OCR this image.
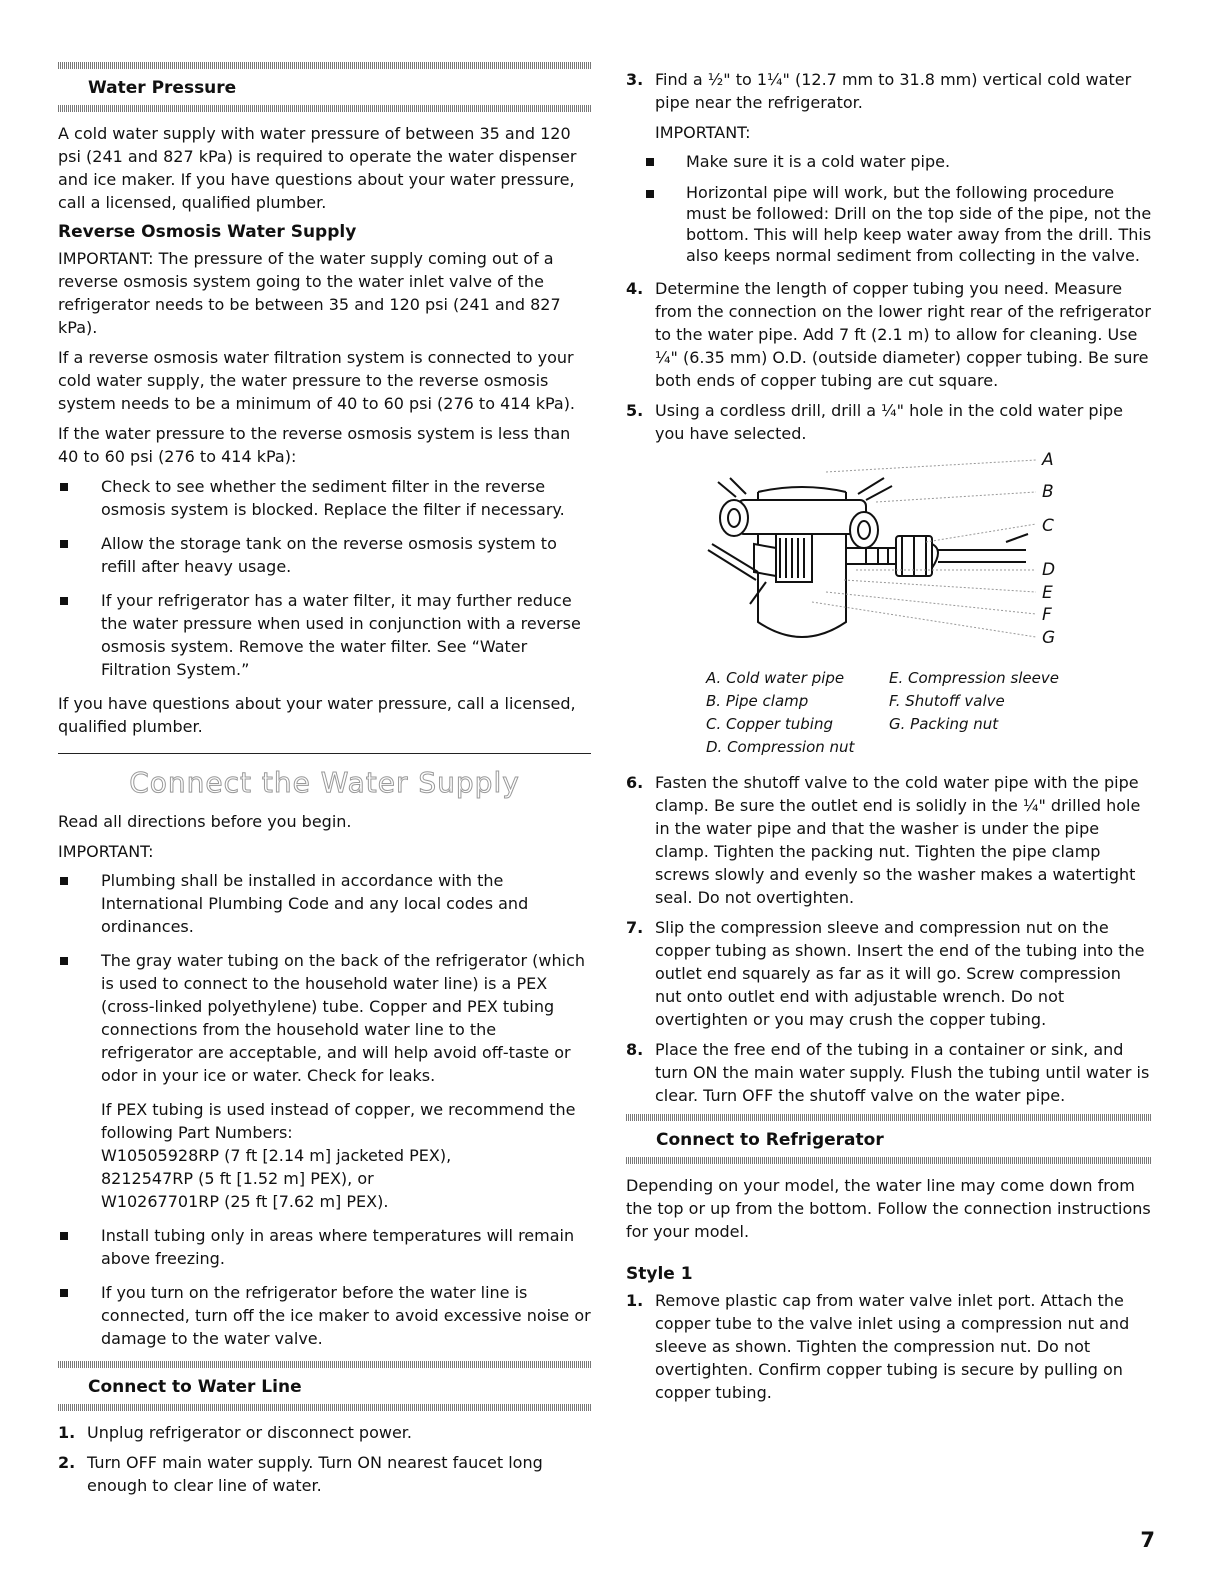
Water Pressure

A cold water supply with water pressure of between 35 and 120 psi (241 and 827 kPa) is required to operate the water dispenser and ice maker. If you have questions about your water pressure, call a licensed, qualified plumber.

Reverse Osmosis Water Supply

IMPORTANT: The pressure of the water supply coming out of a reverse osmosis system going to the water inlet valve of the refrigerator needs to be between 35 and 120 psi (241 and 827 kPa).

If a reverse osmosis water filtration system is connected to your cold water supply, the water pressure to the reverse osmosis system needs to be a minimum of 40 to 60 psi (276 to 414 kPa).

If the water pressure to the reverse osmosis system is less than 40 to 60 psi (276 to 414 kPa):

Check to see whether the sediment filter in the reverse osmosis system is blocked. Replace the filter if necessary.
Allow the storage tank on the reverse osmosis system to refill after heavy usage.
If your refrigerator has a water filter, it may further reduce the water pressure when used in conjunction with a reverse osmosis system. Remove the water filter. See “Water Filtration System.”

If you have questions about your water pressure, call a licensed, qualified plumber.

Connect the Water Supply

Read all directions before you begin.

IMPORTANT:
Plumbing shall be installed in accordance with the International Plumbing Code and any local codes and ordinances.
The gray water tubing on the back of the refrigerator (which is used to connect to the household water line) is a PEX (cross-linked polyethylene) tube. Copper and PEX tubing connections from the household water line to the refrigerator are acceptable, and will help avoid off-taste or odor in your ice or water. Check for leaks.
If PEX tubing is used instead of copper, we recommend the following Part Numbers:
W10505928RP (7 ft [2.14 m] jacketed PEX),
8212547RP (5 ft [1.52 m] PEX), or
W10267701RP (25 ft [7.62 m] PEX).
Install tubing only in areas where temperatures will remain above freezing.
If you turn on the refrigerator before the water line is connected, turn off the ice maker to avoid excessive noise or damage to the water valve.
Connect to Water Line
1. Unplug refrigerator or disconnect power.
2. Turn OFF main water supply. Turn ON nearest faucet long enough to clear line of water.
3. Find a ½" to 1¼" (12.7 mm to 31.8 mm) vertical cold water pipe near the refrigerator.
IMPORTANT:
Make sure it is a cold water pipe.
Horizontal pipe will work, but the following procedure must be followed: Drill on the top side of the pipe, not the bottom. This will help keep water away from the drill. This also keeps normal sediment from collecting in the valve.
4. Determine the length of copper tubing you need. Measure from the connection on the lower right rear of the refrigerator to the water pipe. Add 7 ft (2.1 m) to allow for cleaning. Use ¼" (6.35 mm) O.D. (outside diameter) copper tubing. Be sure both ends of copper tubing are cut square.
5. Using a cordless drill, drill a ¼" hole in the cold water pipe you have selected.
A
B
C
D
E
F
G
A. Cold water pipe	E. Compression sleeve
B. Pipe clamp	F. Shutoff valve
C. Copper tubing	G. Packing nut
D. Compression nut	
6. Fasten the shutoff valve to the cold water pipe with the pipe clamp. Be sure the outlet end is solidly in the ¼" drilled hole in the water pipe and that the washer is under the pipe clamp. Tighten the packing nut. Tighten the pipe clamp screws slowly and evenly so the washer makes a watertight seal. Do not overtighten.
7. Slip the compression sleeve and compression nut on the copper tubing as shown. Insert the end of the tubing into the outlet end squarely as far as it will go. Screw compression nut onto outlet end with adjustable wrench. Do not overtighten or you may crush the copper tubing.
8. Place the free end of the tubing in a container or sink, and turn ON the main water supply. Flush the tubing until water is clear. Turn OFF the shutoff valve on the water pipe.
Connect to Refrigerator

Depending on your model, the water line may come down from the top or up from the bottom. Follow the connection instructions for your model.

Style 1
1. Remove plastic cap from water valve inlet port. Attach the copper tube to the valve inlet using a compression nut and sleeve as shown. Tighten the compression nut. Do not overtighten. Confirm copper tubing is secure by pulling on copper tubing.
7
